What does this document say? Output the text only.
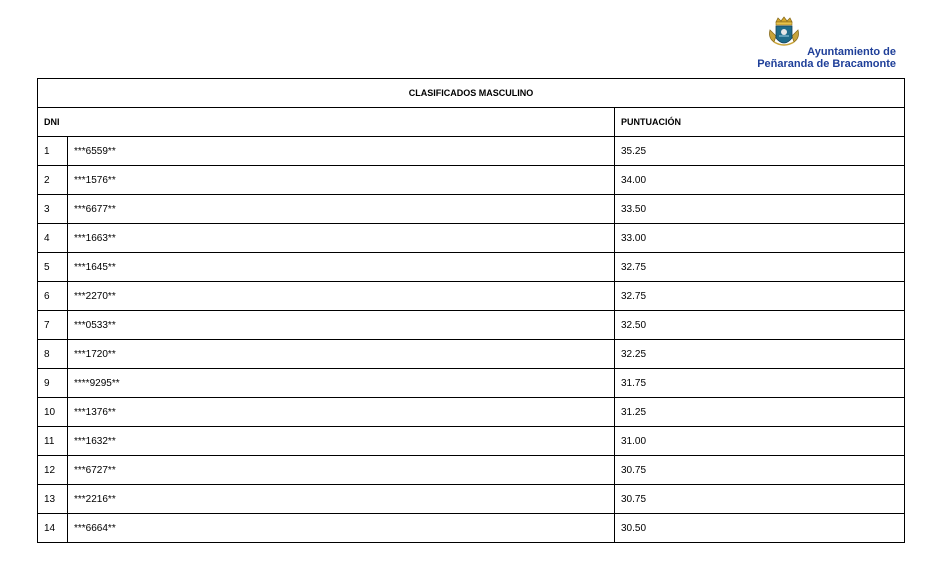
Ayuntamiento de
Peñaranda de Bracamonte
CLASIFICADOS MASCULINO		
DNI		PUNTUACIÓN
1	***6559**	35.25
2	***1576**	34.00
3	***6677**	33.50
4	***1663**	33.00
5	***1645**	32.75
6	***2270**	32.75
7	***0533**	32.50
8	***1720**	32.25
9	****9295**	31.75
10	***1376**	31.25
11	***1632**	31.00
12	***6727**	30.75
13	***2216**	30.75
14	***6664**	30.50
